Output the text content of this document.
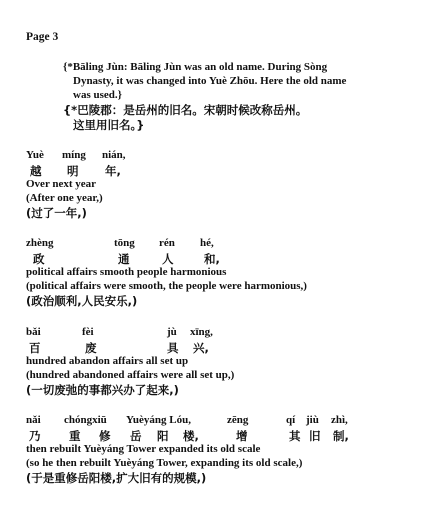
Page 3
{*Bāling Jùn: Bāling Jùn was an old name. During Sòng
Dynasty, it was changed into Yuè Zhōu. Here the old name
was used.}
{*巴陵郡：是岳州的旧名。宋朝时候改称岳州。
这里用旧名。}
Yuè míng nián,
越 明 年,
Over next year
(After one year,)
(过了一年,)
zhèng	tōng rén hé,
政	通	人	和,
political affairs smooth people harmonious
(political affairs were smooth, the people were harmonious,)
(政治顺利,人民安乐,)
bǎi	fèi	jù xīng,
百	废	具 兴,
hundred abandon affairs all set up
(hundred abandoned affairs were all set up,)
(一切废弛的事都兴办了起来,)
nǎi chóngxiū Yuèyáng Lóu,	zēng	qí jiù zhì,
乃 重 修 岳 阳 楼,	增	其 旧 制,
then rebuilt Yuèyáng Tower expanded its old scale
(so he then rebuilt Yuèyáng Tower, expanding its old scale,)
(于是重修岳阳楼,扩大旧有的规模,)
